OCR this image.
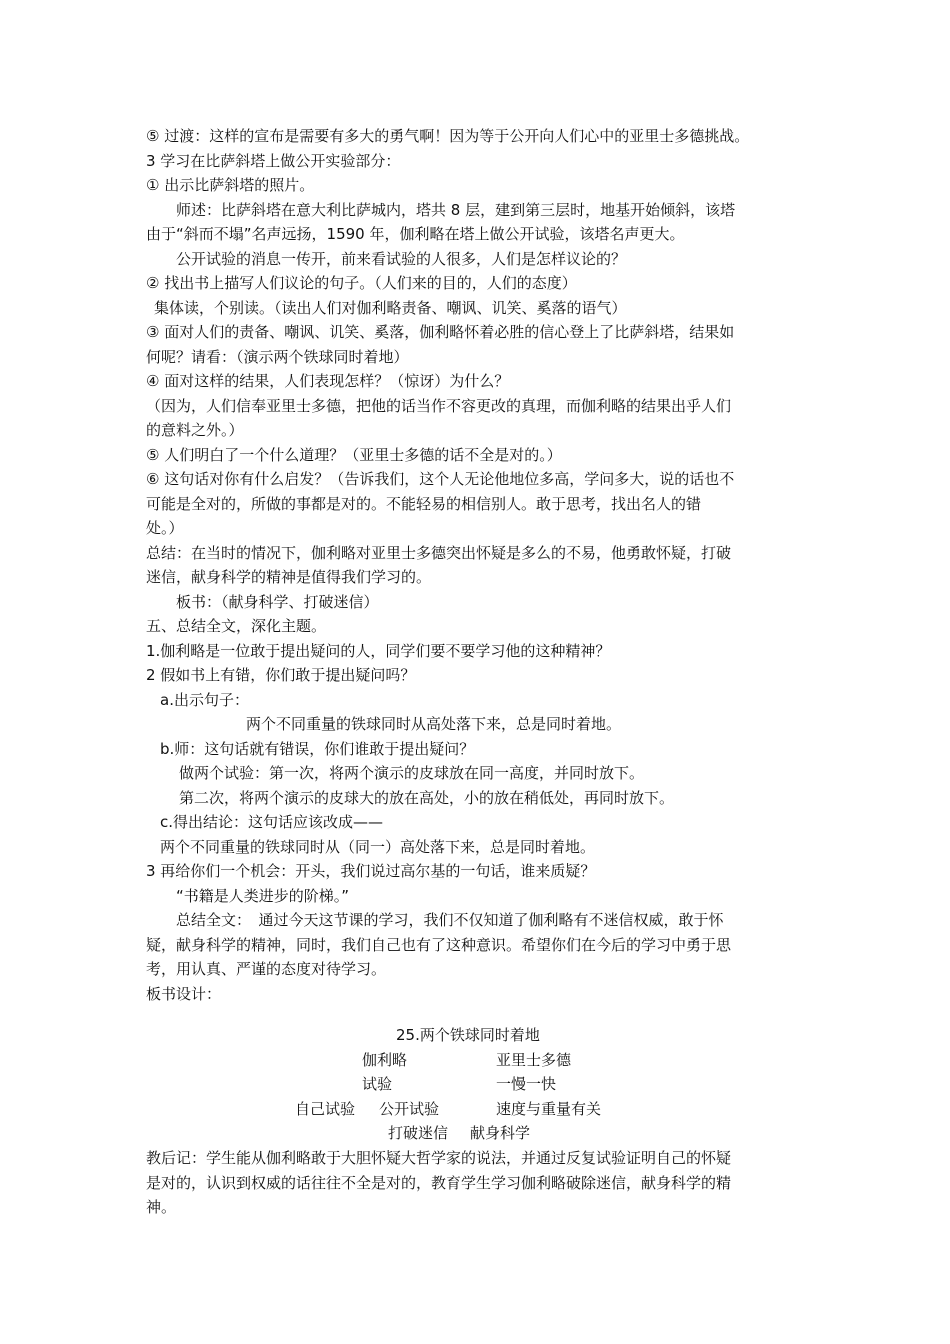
⑤ 过渡：这样的宣布是需要有多大的勇气啊！因为等于公开向人们心中的亚里士多德挑战。
3 学习在比萨斜塔上做公开实验部分：
① 出示比萨斜塔的照片。
师述：比萨斜塔在意大利比萨城内，塔共 8 层，建到第三层时，地基开始倾斜，该塔
由于“斜而不塌”名声远扬，1590 年，伽利略在塔上做公开试验，该塔名声更大。
公开试验的消息一传开，前来看试验的人很多，人们是怎样议论的？
② 找出书上描写人们议论的句子。（人们来的目的，人们的态度）
集体读，个别读。（读出人们对伽利略责备、嘲讽、讥笑、奚落的语气）
③ 面对人们的责备、嘲讽、讥笑、奚落，伽利略怀着必胜的信心登上了比萨斜塔，结果如
何呢？请看：（演示两个铁球同时着地）
④ 面对这样的结果，人们表现怎样？（惊讶）为什么？
（因为，人们信奉亚里士多德，把他的话当作不容更改的真理，而伽利略的结果出乎人们
的意料之外。）
⑤ 人们明白了一个什么道理？（亚里士多德的话不全是对的。）
⑥ 这句话对你有什么启发？（告诉我们，这个人无论他地位多高，学问多大，说的话也不
可能是全对的，所做的事都是对的。不能轻易的相信别人。敢于思考，找出名人的错
处。）
总结：在当时的情况下，伽利略对亚里士多德突出怀疑是多么的不易，他勇敢怀疑，打破
迷信，献身科学的精神是值得我们学习的。
板书：（献身科学、打破迷信）
五、总结全文，深化主题。
1.伽利略是一位敢于提出疑问的人，同学们要不要学习他的这种精神？
2 假如书上有错，你们敢于提出疑问吗？
a.出示句子：
两个不同重量的铁球同时从高处落下来，总是同时着地。
b.师：这句话就有错误，你们谁敢于提出疑问？
做两个试验：第一次，将两个演示的皮球放在同一高度，并同时放下。
第二次，将两个演示的皮球大的放在高处，小的放在稍低处，再同时放下。
c.得出结论：这句话应该改成——
两个不同重量的铁球同时从（同一）高处落下来，总是同时着地。
3 再给你们一个机会：开头，我们说过高尔基的一句话，谁来质疑？
“书籍是人类进步的阶梯。”
总结全文：　通过今天这节课的学习，我们不仅知道了伽利略有不迷信权威，敢于怀
疑，献身科学的精神，同时，我们自己也有了这种意识。希望你们在今后的学习中勇于思
考，用认真、严谨的态度对待学习。
板书设计：
25.两个铁球同时着地
伽利略	亚里士多德
试验	一慢一快
自己试验 公开试验	速度与重量有关
打破迷信 献身科学
教后记：学生能从伽利略敢于大胆怀疑大哲学家的说法，并通过反复试验证明自己的怀疑
是对的，认识到权威的话往往不全是对的，教育学生学习伽利略破除迷信，献身科学的精
神。
